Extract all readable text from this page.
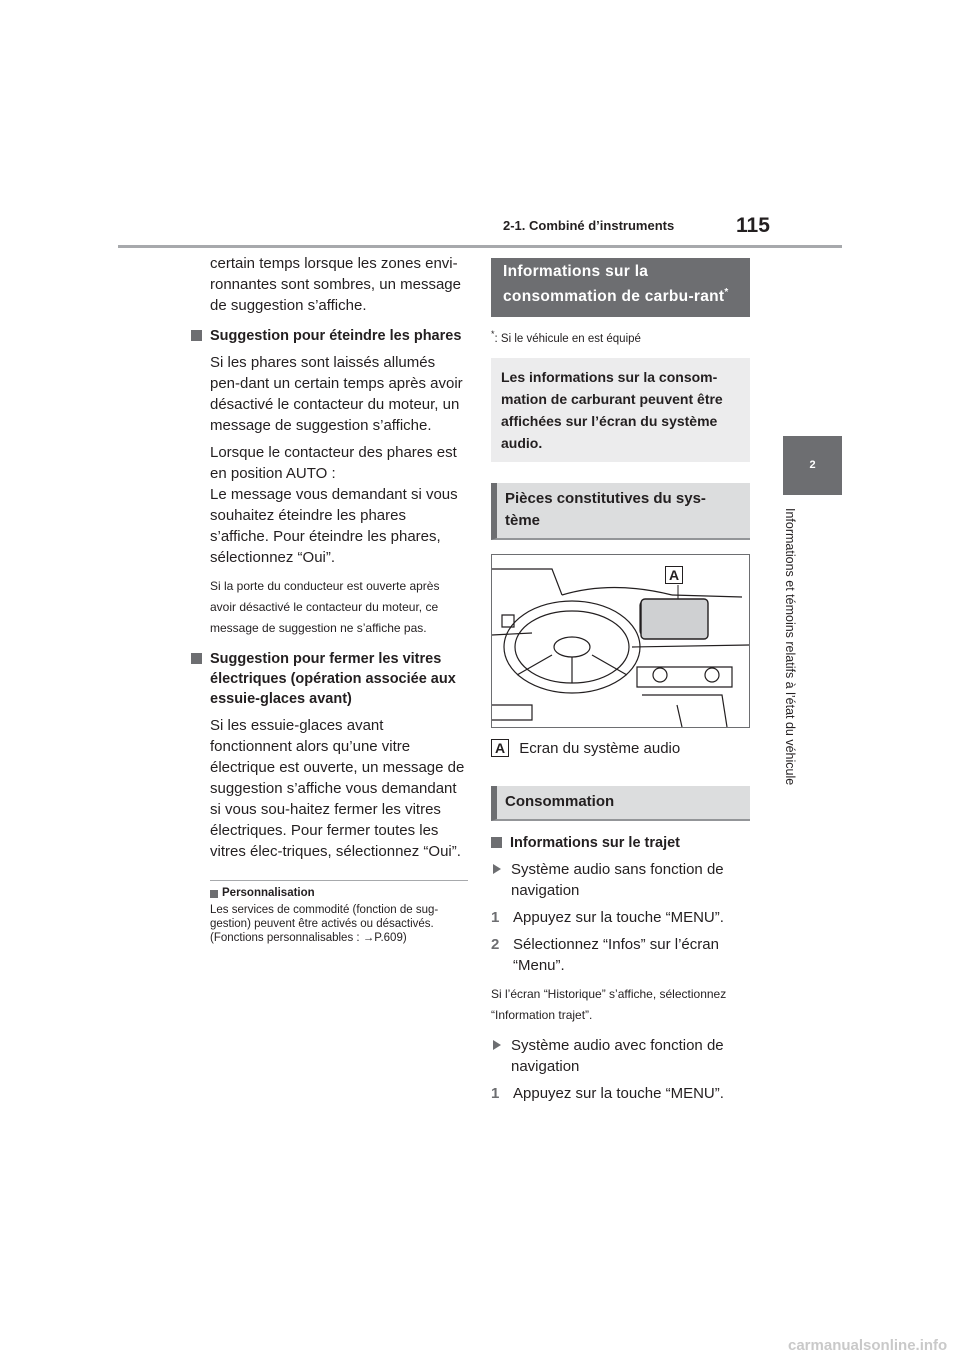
2-1. Combiné d’instruments	115
2
Informations et témoins relatifs à l’état du véhicule

certain temps lorsque les zones envi-ronnantes sont sombres, un message de suggestion s’affiche.

Suggestion pour éteindre les phares

Si les phares sont laissés allumés pen-dant un certain temps après avoir désactivé le contacteur du moteur, un message de suggestion s’affiche.

Lorsque le contacteur des phares est en position AUTO :

Le message vous demandant si vous souhaitez éteindre les phares s’affiche. Pour éteindre les phares, sélectionnez “Oui”.

Si la porte du conducteur est ouverte après avoir désactivé le contacteur du moteur, ce message de suggestion ne s’affiche pas.

Suggestion pour fermer les vitres électriques (opération associée aux essuie-glaces avant)

Si les essuie-glaces avant fonctionnent alors qu’une vitre électrique est ouverte, un message de suggestion s’affiche vous demandant si vous sou-haitez fermer les vitres électriques. Pour fermer toutes les vitres élec-triques, sélectionnez “Oui”.

Personnalisation

Les services de commodité (fonction de sug-gestion) peuvent être activés ou désactivés. (Fonctions personnalisables : →P.609)

Informations sur la consommation de carbu-rant*

*: Si le véhicule en est équipé

Les informations sur la consom-mation de carburant peuvent être affichées sur l’écran du système audio.
Pièces constitutives du sys-tème
A
A Ecran du système audio
Consommation
Informations sur le trajet
Système audio sans fonction de navigation
1 Appuyez sur la touche “MENU”.
2 Sélectionnez “Infos” sur l’écran “Menu”.

Si l’écran “Historique” s’affiche, sélectionnez “Information trajet”.

Système audio avec fonction de navigation
1 Appuyez sur la touche “MENU”.
carmanualsonline.info
